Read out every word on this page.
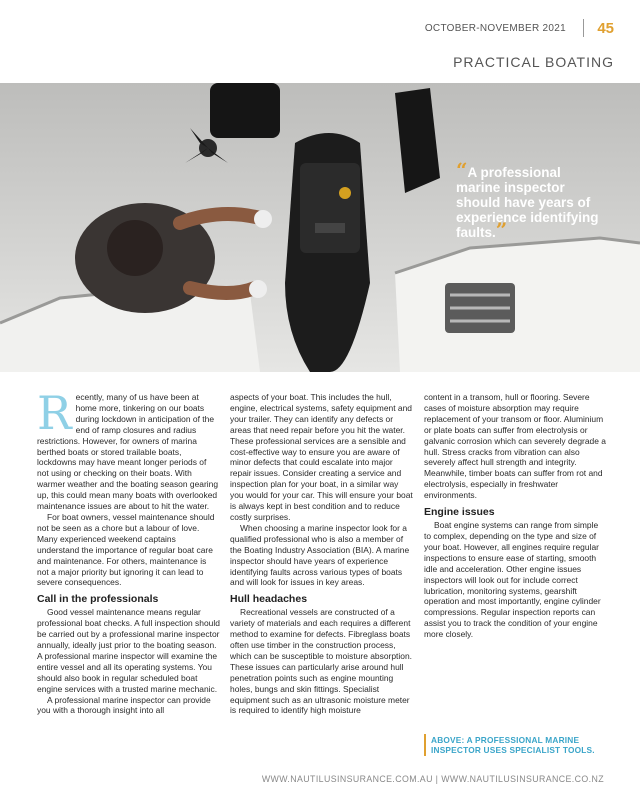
OCTOBER-NOVEMBER 2021 45
PRACTICAL BOATING
“A professional marine inspector should have years of experience identifying faults.”

Recently, many of us have been at home more, tinkering on our boats during lockdown in anticipation of the end of ramp closures and radius restrictions. However, for owners of marina berthed boats or stored trailable boats, lockdowns may have meant longer periods of not using or checking on their boats. With warmer weather and the boating season gearing up, this could mean many boats with overlooked maintenance issues are about to hit the water.

For boat owners, vessel maintenance should not be seen as a chore but a labour of love. Many experienced weekend captains understand the importance of regular boat care and maintenance. For others, maintenance is not a major priority but ignoring it can lead to severe consequences.

Call in the professionals

Good vessel maintenance means regular professional boat checks. A full inspection should be carried out by a professional marine inspector annually, ideally just prior to the boating season. A professional marine inspector will examine the entire vessel and all its operating systems. You should also book in regular scheduled boat engine services with a trusted marine mechanic.

A professional marine inspector can provide you with a thorough insight into all

aspects of your boat. This includes the hull, engine, electrical systems, safety equipment and your trailer. They can identify any defects or areas that need repair before you hit the water. These professional services are a sensible and cost-effective way to ensure you are aware of minor defects that could escalate into major repair issues. Consider creating a service and inspection plan for your boat, in a similar way you would for your car. This will ensure your boat is always kept in best condition and to reduce costly surprises.

When choosing a marine inspector look for a qualified professional who is also a member of the Boating Industry Association (BIA). A marine inspector should have years of experience identifying faults across various types of boats and will look for issues in key areas.

Hull headaches

Recreational vessels are constructed of a variety of materials and each requires a different method to examine for defects. Fibreglass boats often use timber in the construction process, which can be susceptible to moisture absorption. These issues can particularly arise around hull penetration points such as engine mounting holes, bungs and skin fittings. Specialist equipment such as an ultrasonic moisture meter is required to identify high moisture

content in a transom, hull or flooring. Severe cases of moisture absorption may require replacement of your transom or floor. Aluminium or plate boats can suffer from electrolysis or galvanic corrosion which can severely degrade a hull. Stress cracks from vibration can also severely affect hull strength and integrity. Meanwhile, timber boats can suffer from rot and electrolysis, especially in freshwater environments.

Engine issues

Boat engine systems can range from simple to complex, depending on the type and size of your boat. However, all engines require regular inspections to ensure ease of starting, smooth idle and acceleration. Other engine issues inspectors will look out for include correct lubrication, monitoring systems, gearshift operation and most importantly, engine cylinder compressions. Regular inspection reports can assist you to track the condition of your engine more closely.

ABOVE: A PROFESSIONAL MARINE INSPECTOR USES SPECIALIST TOOLS.
WWW.NAUTILUSINSURANCE.COM.AU | WWW.NAUTILUSINSURANCE.CO.NZ
